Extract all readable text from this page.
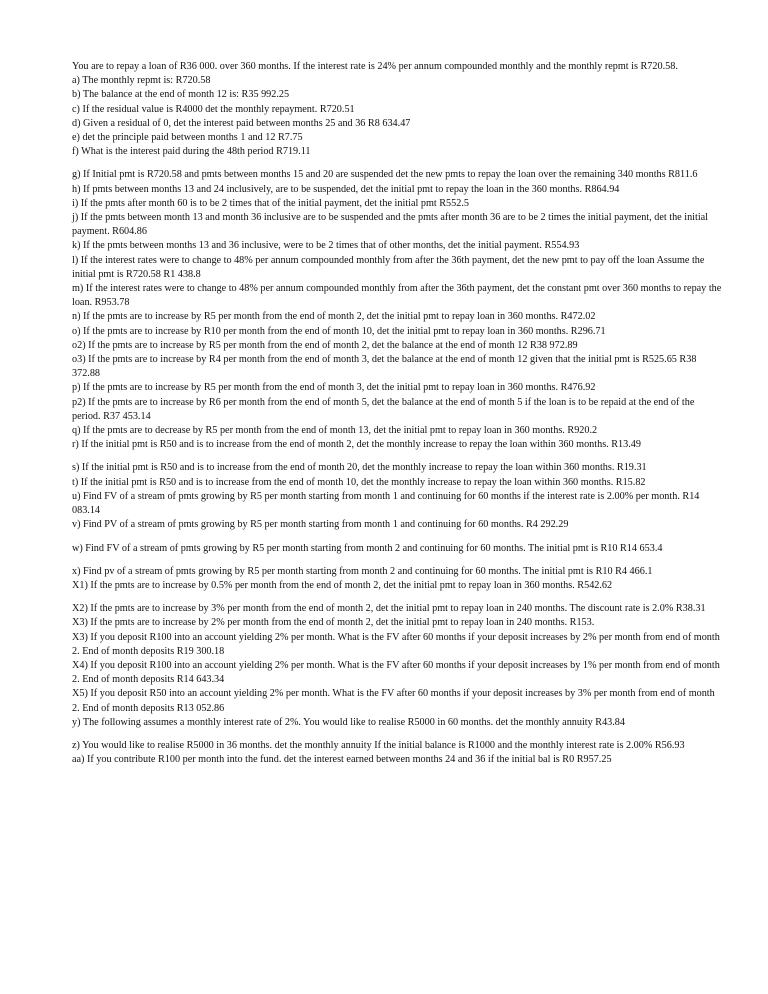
You are to repay a loan of R36 000. over 360 months. If the interest rate is 24% per annum compounded monthly and the monthly repmt is R720.58.

a) The monthly repmt is: R720.58

b) The balance at the end of month 12 is: R35 992.25

c) If the residual value is R4000 det the monthly repayment. R720.51

d) Given a residual of 0, det the interest paid between months 25 and 36 R8 634.47

e) det the principle paid between months 1 and 12 R7.75

f) What is the interest paid during the 48th period R719.11

g) If Initial pmt is R720.58 and pmts between months 15 and 20 are suspended det the new pmts to repay the loan over the remaining 340 months R811.6

h) If pmts between months 13 and 24 inclusively, are to be suspended, det the initial pmt to repay the loan in the 360 months. R864.94

i) If the pmts after month 60 is to be 2 times that of the initial payment, det the initial pmt R552.5

j) If the pmts between month 13 and month 36 inclusive are to be suspended and the pmts after month 36 are to be 2 times the initial payment, det the initial payment. R604.86

k) If the pmts between months 13 and 36 inclusive, were to be 2 times that of other months, det the initial payment. R554.93

l) If the interest rates were to change to 48% per annum compounded monthly from after the 36th payment, det the new pmt to pay off the loan Assume the initial pmt is R720.58 R1 438.8

m) If the interest rates were to change to 48% per annum compounded monthly from after the 36th payment, det the constant pmt over 360 months to repay the loan. R953.78

n) If the pmts are to increase by R5 per month from the end of month 2, det the initial pmt to repay loan in 360 months. R472.02

o) If the pmts are to increase by R10 per month from the end of month 10, det the initial pmt to repay loan in 360 months. R296.71

o2) If the pmts are to increase by R5 per month from the end of month 2, det the balance at the end of month 12 R38 972.89

o3) If the pmts are to increase by R4 per month from the end of month 3, det the balance at the end of month 12 given that the initial pmt is R525.65 R38 372.88

p) If the pmts are to increase by R5 per month from the end of month 3, det the initial pmt to repay loan in 360 months. R476.92

p2) If the pmts are to increase by R6 per month from the end of month 5, det the balance at the end of month 5 if the loan is to be repaid at the end of the period. R37 453.14

q) If the pmts are to decrease by R5 per month from the end of month 13, det the initial pmt to repay loan in 360 months. R920.2

r) If the initial pmt is R50 and is to increase from the end of month 2, det the monthly increase to repay the loan within 360 months. R13.49

s) If the initial pmt is R50 and is to increase from the end of month 20, det the monthly increase to repay the loan within 360 months. R19.31

t) If the initial pmt is R50 and is to increase from the end of month 10, det the monthly increase to repay the loan within 360 months. R15.82

u) Find FV of a stream of pmts growing by R5 per month starting from month 1 and continuing for 60 months if the interest rate is 2.00% per month. R14 083.14

v) Find PV of a stream of pmts growing by R5 per month starting from month 1 and continuing for 60 months. R4 292.29

w) Find FV of a stream of pmts growing by R5 per month starting from month 2 and continuing for 60 months. The initial pmt is R10 R14 653.4

x) Find pv of a stream of pmts growing by R5 per month starting from month 2 and continuing for 60 months. The initial pmt is R10 R4 466.1

X1) If the pmts are to increase by 0.5% per month from the end of month 2, det the initial pmt to repay loan in 360 months. R542.62

X2) If the pmts are to increase by 3% per month from the end of month 2, det the initial pmt to repay loan in 240 months. The discount rate is 2.0% R38.31

X3) If the pmts are to increase by 2% per month from the end of month 2, det the initial pmt to repay loan in 240 months. R153.

X3) If you deposit R100 into an account yielding 2% per month. What is the FV after 60 months if your deposit increases by 2% per month from end of month 2. End of month deposits R19 300.18

X4) If you deposit R100 into an account yielding 2% per month. What is the FV after 60 months if your deposit increases by 1% per month from end of month 2. End of month deposits R14 643.34

X5) If you deposit R50 into an account yielding 2% per month. What is the FV after 60 months if your deposit increases by 3% per month from end of month 2. End of month deposits R13 052.86

y) The following assumes a monthly interest rate of 2%. You would like to realise R5000 in 60 months. det the monthly annuity R43.84

z) You would like to realise R5000 in 36 months. det the monthly annuity If the initial balance is R1000 and the monthly interest rate is 2.00% R56.93

aa) If you contribute R100 per month into the fund. det the interest earned between months 24 and 36 if the initial bal is R0 R957.25
